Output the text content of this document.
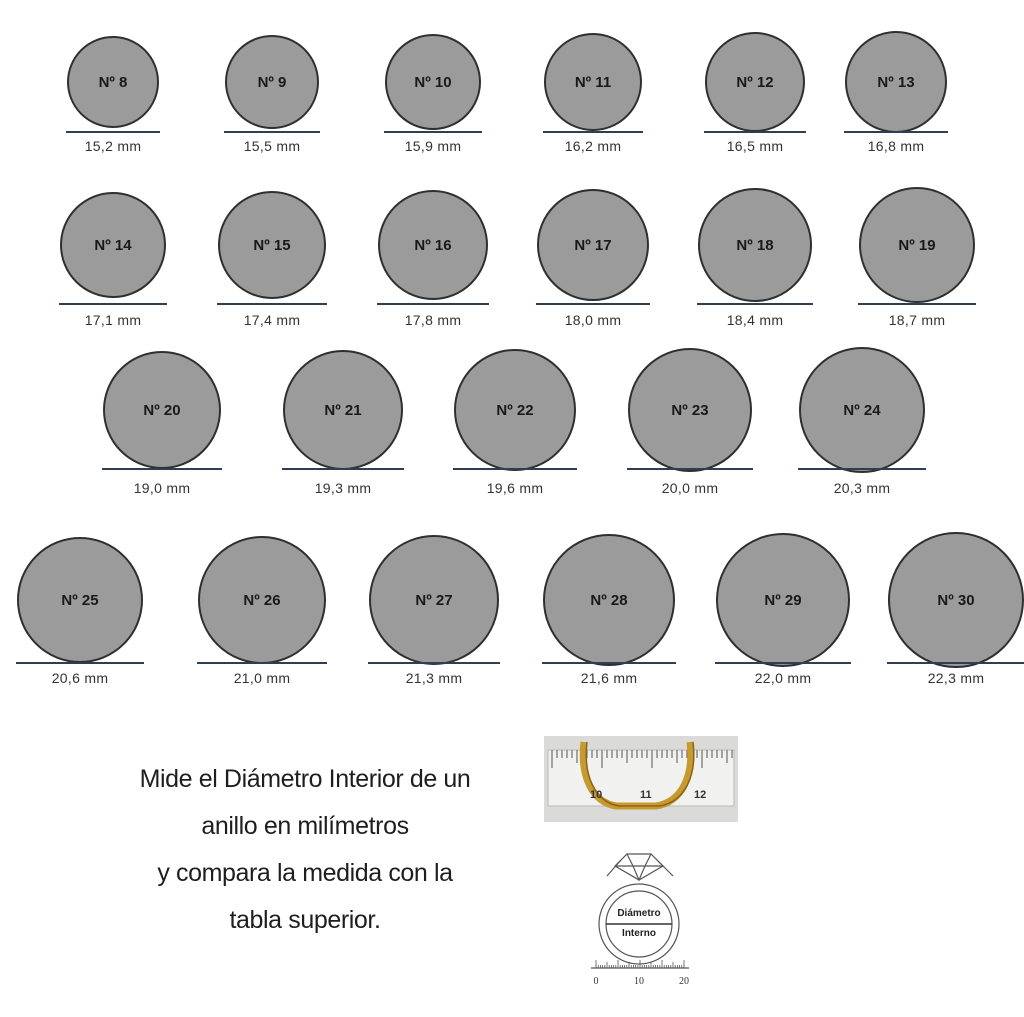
Nº 8
15,2 mm
Nº 9
15,5 mm
Nº 10
15,9 mm
Nº 11
16,2 mm
Nº 12
16,5 mm
Nº 13
16,8 mm
Nº 14
17,1 mm
Nº 15
17,4 mm
Nº 16
17,8 mm
Nº 17
18,0 mm
Nº 18
18,4 mm
Nº 19
18,7 mm
Nº 20
19,0 mm
Nº 21
19,3 mm
Nº 22
19,6 mm
Nº 23
20,0 mm
Nº 24
20,3 mm
Nº 25
20,6 mm
Nº 26
21,0 mm
Nº 27
21,3 mm
Nº 28
21,6 mm
Nº 29
22,0 mm
Nº 30
22,3 mm
Mide el Diámetro Interior de un
anillo en milímetros
y compara la medida con la
tabla superior.
10	11	12
Diámetro
Interno
0	10	20
